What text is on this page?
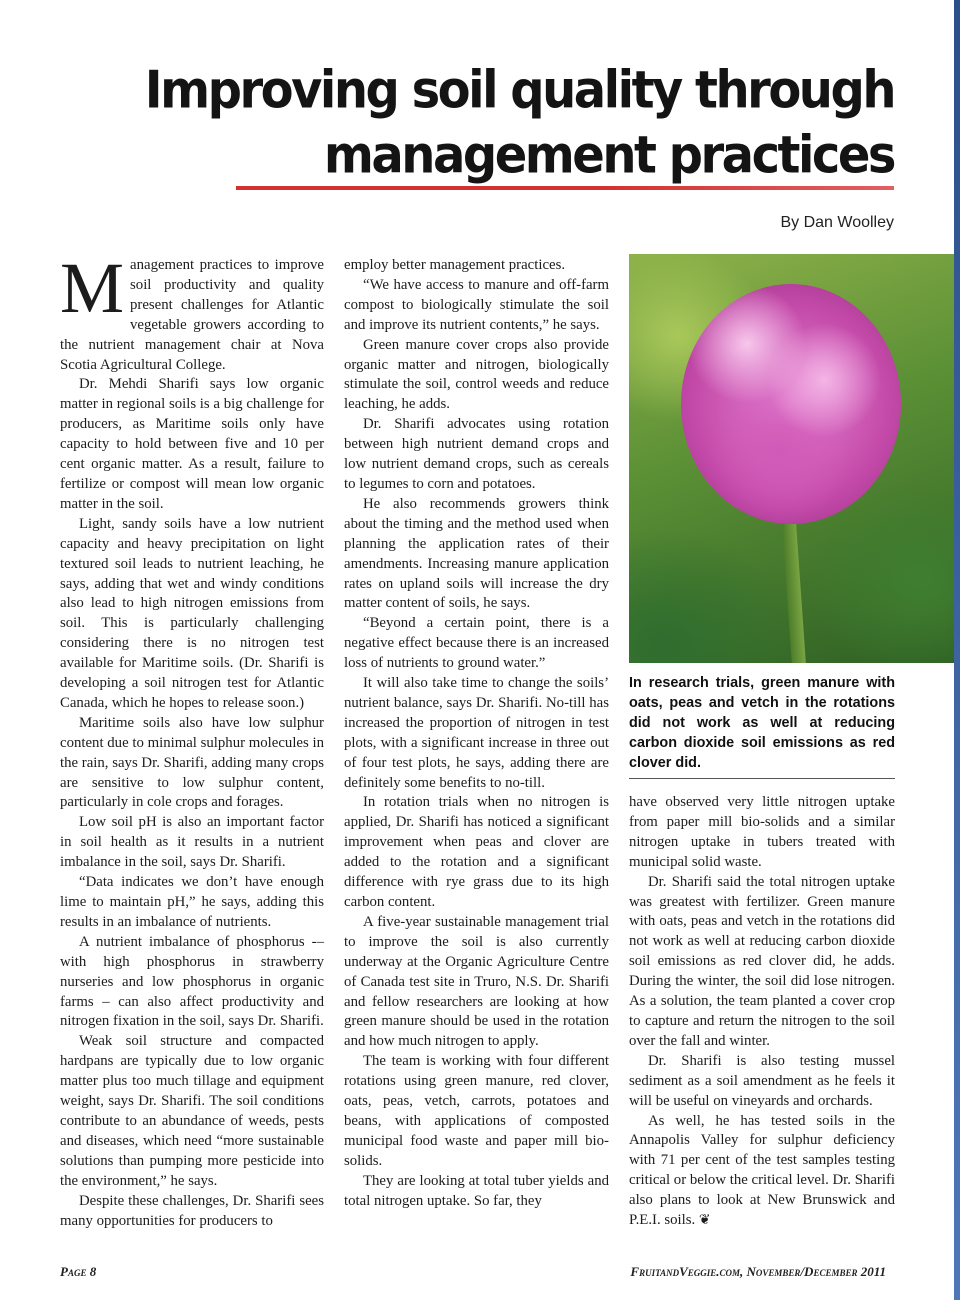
Improving soil quality through
management practices
By Dan Woolley

Management practices to improve soil productivity and quality present challenges for Atlantic vegetable growers according to the nutrient management chair at Nova Scotia Agricultural College.

Dr. Mehdi Sharifi says low organic matter in regional soils is a big challenge for producers, as Maritime soils only have capacity to hold between five and 10 per cent organic matter. As a result, failure to fertilize or compost will mean low organic matter in the soil.

Light, sandy soils have a low nutrient capacity and heavy precipitation on light textured soil leads to nutrient leaching, he says, adding that wet and windy conditions also lead to high nitrogen emissions from soil. This is particularly challenging considering there is no nitrogen test available for Maritime soils. (Dr. Sharifi is developing a soil nitrogen test for Atlantic Canada, which he hopes to release soon.)

Maritime soils also have low sulphur content due to minimal sulphur molecules in the rain, says Dr. Sharifi, adding many crops are sensitive to low sulphur content, particularly in cole crops and forages.

Low soil pH is also an important factor in soil health as it results in a nutrient imbalance in the soil, says Dr. Sharifi.

“Data indicates we don’t have enough lime to maintain pH,” he says, adding this results in an imbalance of nutrients.

A nutrient imbalance of phosphorus -– with high phosphorus in strawberry nurseries and low phosphorus in organic farms – can also affect productivity and nitrogen fixation in the soil, says Dr. Sharifi.

Weak soil structure and compacted hardpans are typically due to low organic matter plus too much tillage and equipment weight, says Dr. Sharifi. The soil conditions contribute to an abundance of weeds, pests and diseases, which need “more sustainable solutions than pumping more pesticide into the environment,” he says.

Despite these challenges, Dr. Sharifi sees many opportunities for producers to

employ better management practices.

“We have access to manure and off-farm compost to biologically stimulate the soil and improve its nutrient contents,” he says.

Green manure cover crops also provide organic matter and nitrogen, biologically stimulate the soil, control weeds and reduce leaching, he adds.

Dr. Sharifi advocates using rotation between high nutrient demand crops and low nutrient demand crops, such as cereals to legumes to corn and potatoes.

He also recommends growers think about the timing and the method used when planning the application rates of their amendments. Increasing manure application rates on upland soils will increase the dry matter content of soils, he says.

“Beyond a certain point, there is a negative effect because there is an increased loss of nutrients to ground water.”

It will also take time to change the soils’ nutrient balance, says Dr. Sharifi. No-till has increased the proportion of nitrogen in test plots, with a significant increase in three out of four test plots, he says, adding there are definitely some benefits to no-till.

In rotation trials when no nitrogen is applied, Dr. Sharifi has noticed a significant improvement when peas and clover are added to the rotation and a significant difference with rye grass due to its high carbon content.

A five-year sustainable management trial to improve the soil is also currently underway at the Organic Agriculture Centre of Canada test site in Truro, N.S. Dr. Sharifi and fellow researchers are looking at how green manure should be used in the rotation and how much nitrogen to apply.

The team is working with four different rotations using green manure, red clover, oats, peas, vetch, carrots, potatoes and beans, with applications of composted municipal food waste and paper mill bio-solids.

They are looking at total tuber yields and total nitrogen uptake. So far, they

In research trials, green manure with oats, peas and vetch in the rotations did not work as well at reducing carbon dioxide soil emissions as red clover did.

have observed very little nitrogen uptake from paper mill bio-solids and a similar nitrogen uptake in tubers treated with municipal solid waste.

Dr. Sharifi said the total nitrogen uptake was greatest with fertilizer. Green manure with oats, peas and vetch in the rotations did not work as well at reducing carbon dioxide soil emissions as red clover did, he adds. During the winter, the soil did lose nitrogen. As a solution, the team planted a cover crop to capture and return the nitrogen to the soil over the fall and winter.

Dr. Sharifi is also testing mussel sediment as a soil amendment as he feels it will be useful on vineyards and orchards.

As well, he has tested soils in the Annapolis Valley for sulphur deficiency with 71 per cent of the test samples testing critical or below the critical level. Dr. Sharifi also plans to look at New Brunswick and P.E.I. soils. ❦

Page 8	FruitandVeggie.com, November/December 2011
